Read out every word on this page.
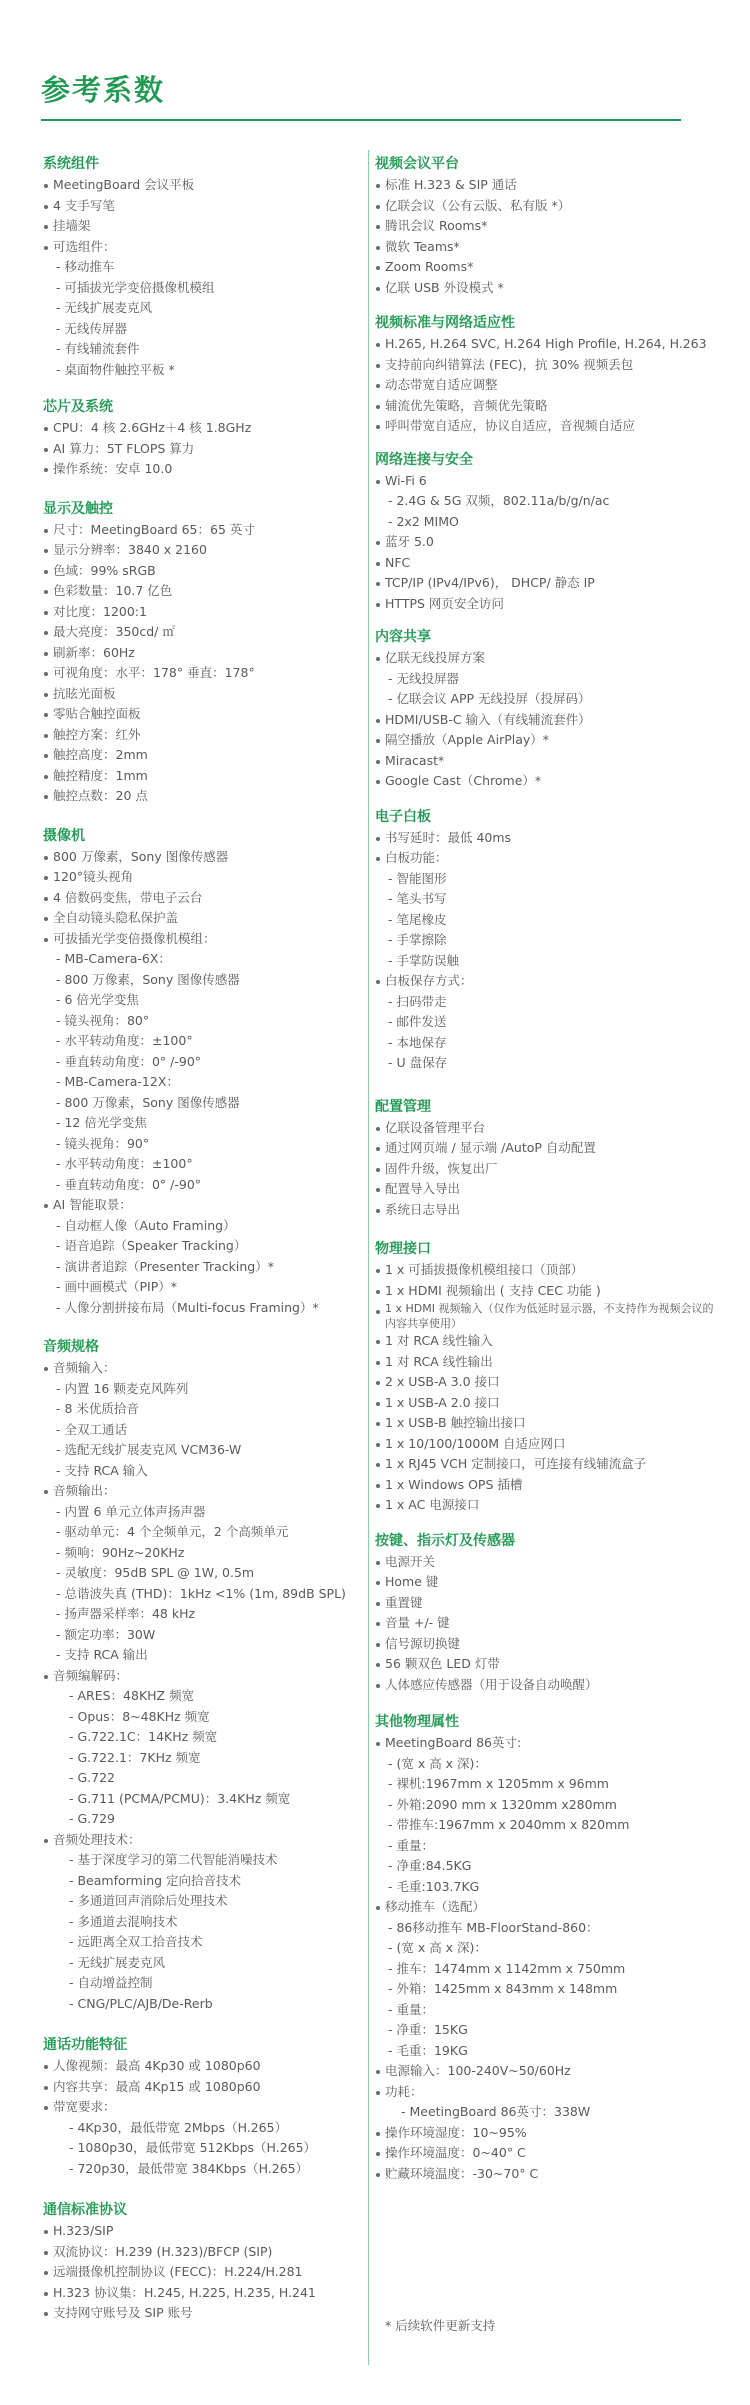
参考系数
系统组件
MeetingBoard 会议平板
4 支手写笔
挂墙架
可选组件：
- 移动推车
- 可插拔光学变倍摄像机模组
- 无线扩展麦克风
- 无线传屏器
- 有线辅流套件
- 桌面物件触控平板 *
芯片及系统
CPU：4 核 2.6GHz＋4 核 1.8GHz
AI 算力：5T FLOPS 算力
操作系统：安卓 10.0
显示及触控
尺寸：MeetingBoard 65：65 英寸
显示分辨率：3840 x 2160
色域：99% sRGB
色彩数量：10.7 亿色
对比度：1200:1
最大亮度：350cd/ ㎡
刷新率：60Hz
可视角度：水平：178° 垂直：178°
抗眩光面板
零贴合触控面板
触控方案：红外
触控高度：2mm
触控精度：1mm
触控点数：20 点
摄像机
800 万像素，Sony 图像传感器
120°镜头视角
4 倍数码变焦，带电子云台
全自动镜头隐私保护盖
可拔插光学变倍摄像机模组：
- MB-Camera-6X：
- 800 万像素，Sony 图像传感器
- 6 倍光学变焦
- 镜头视角：80°
- 水平转动角度：±100°
- 垂直转动角度：0° /-90°
- MB-Camera-12X：
- 800 万像素，Sony 图像传感器
- 12 倍光学变焦
- 镜头视角：90°
- 水平转动角度：±100°
- 垂直转动角度：0° /-90°
AI 智能取景：
- 自动框人像（Auto Framing）
- 语音追踪（Speaker Tracking）
- 演讲者追踪（Presenter Tracking）*
- 画中画模式（PIP）*
- 人像分割拼接布局（Multi-focus Framing）*
音频规格
音频输入：
- 内置 16 颗麦克风阵列
- 8 米优质拾音
- 全双工通话
- 选配无线扩展麦克风 VCM36-W
- 支持 RCA 输入
音频输出：
- 内置 6 单元立体声扬声器
- 驱动单元：4 个全频单元，2 个高频单元
- 频响：90Hz~20KHz
- 灵敏度：95dB SPL @ 1W, 0.5m
- 总谐波失真 (THD)：1kHz <1% (1m, 89dB SPL)
- 扬声器采样率：48 kHz
- 额定功率：30W
- 支持 RCA 输出
音频编解码：
- ARES：48KHZ 频宽
- Opus：8~48KHz 频宽
- G.722.1C：14KHz 频宽
- G.722.1：7KHz 频宽
- G.722
- G.711 (PCMA/PCMU)：3.4KHz 频宽
- G.729
音频处理技术：
- 基于深度学习的第二代智能消噪技术
- Beamforming 定向拾音技术
- 多通道回声消除后处理技术
- 多通道去混响技术
- 远距离全双工拾音技术
- 无线扩展麦克风
- 自动增益控制
- CNG/PLC/AJB/De-Rerb
通话功能特征
人像视频：最高 4Kp30 或 1080p60
内容共享：最高 4Kp15 或 1080p60
带宽要求：
- 4Kp30，最低带宽 2Mbps（H.265）
- 1080p30，最低带宽 512Kbps（H.265）
- 720p30，最低带宽 384Kbps（H.265）
通信标准协议
H.323/SIP
双流协议：H.239 (H.323)/BFCP (SIP)
远端摄像机控制协议 (FECC)：H.224/H.281
H.323 协议集：H.245, H.225, H.235, H.241
支持网守账号及 SIP 账号
视频会议平台
标准 H.323 & SIP 通话
亿联会议（公有云版、私有版 *）
腾讯会议 Rooms*
微软 Teams*
Zoom Rooms*
亿联 USB 外设模式 *
视频标准与网络适应性
H.265, H.264 SVC, H.264 High Profile, H.264, H.263
支持前向纠错算法 (FEC)，抗 30% 视频丢包
动态带宽自适应调整
辅流优先策略，音频优先策略
呼叫带宽自适应，协议自适应，音视频自适应
网络连接与安全
Wi-Fi 6
- 2.4G & 5G 双频，802.11a/b/g/n/ac
- 2x2 MIMO
蓝牙 5.0
NFC
TCP/IP (IPv4/IPv6)， DHCP/ 静态 IP
HTTPS 网页安全访问
内容共享
亿联无线投屏方案
- 无线投屏器
- 亿联会议 APP 无线投屏（投屏码）
HDMI/USB-C 输入（有线辅流套件）
隔空播放（Apple AirPlay）*
Miracast*
Google Cast（Chrome）*
电子白板
书写延时：最低 40ms
白板功能：
- 智能图形
- 笔头书写
- 笔尾橡皮
- 手掌擦除
- 手掌防误触
白板保存方式：
- 扫码带走
- 邮件发送
- 本地保存
- U 盘保存
配置管理
亿联设备管理平台
通过网页端 / 显示端 /AutoP 自动配置
固件升级，恢复出厂
配置导入导出
系统日志导出
物理接口
1 x 可插拔摄像机模组接口（顶部）
1 x HDMI 视频输出 ( 支持 CEC 功能 )
1 x HDMI 视频输入（仅作为低延时显示器，不支持作为视频会议的内容共享使用）
1 对 RCA 线性输入
1 对 RCA 线性输出
2 x USB-A 3.0 接口
1 x USB-A 2.0 接口
1 x USB-B 触控输出接口
1 x 10/100/1000M 自适应网口
1 x RJ45 VCH 定制接口，可连接有线辅流盒子
1 x Windows OPS 插槽
1 x AC 电源接口
按键、指示灯及传感器
电源开关
Home 键
重置键
音量 +/- 键
信号源切换键
56 颗双色 LED 灯带
人体感应传感器（用于设备自动唤醒）
其他物理属性
MeetingBoard 86英寸:
- (宽 x 高 x 深)：
- 裸机:1967mm x 1205mm x 96mm
- 外箱:2090 mm x 1320mm x280mm
- 带推车:1967mm x 2040mm x 820mm
- 重量：
- 净重:84.5KG
- 毛重:103.7KG
移动推车（选配）
- 86移动推车 MB-FloorStand-860：
- (宽 x 高 x 深)：
- 推车：1474mm x 1142mm x 750mm
- 外箱：1425mm x 843mm x 148mm
- 重量：
- 净重：15KG
- 毛重：19KG
电源输入：100-240V~50/60Hz
功耗：
- MeetingBoard 86英寸：338W
操作环境湿度：10~95%
操作环境温度：0~40° C
贮藏环境温度：-30~70° C
* 后续软件更新支持
